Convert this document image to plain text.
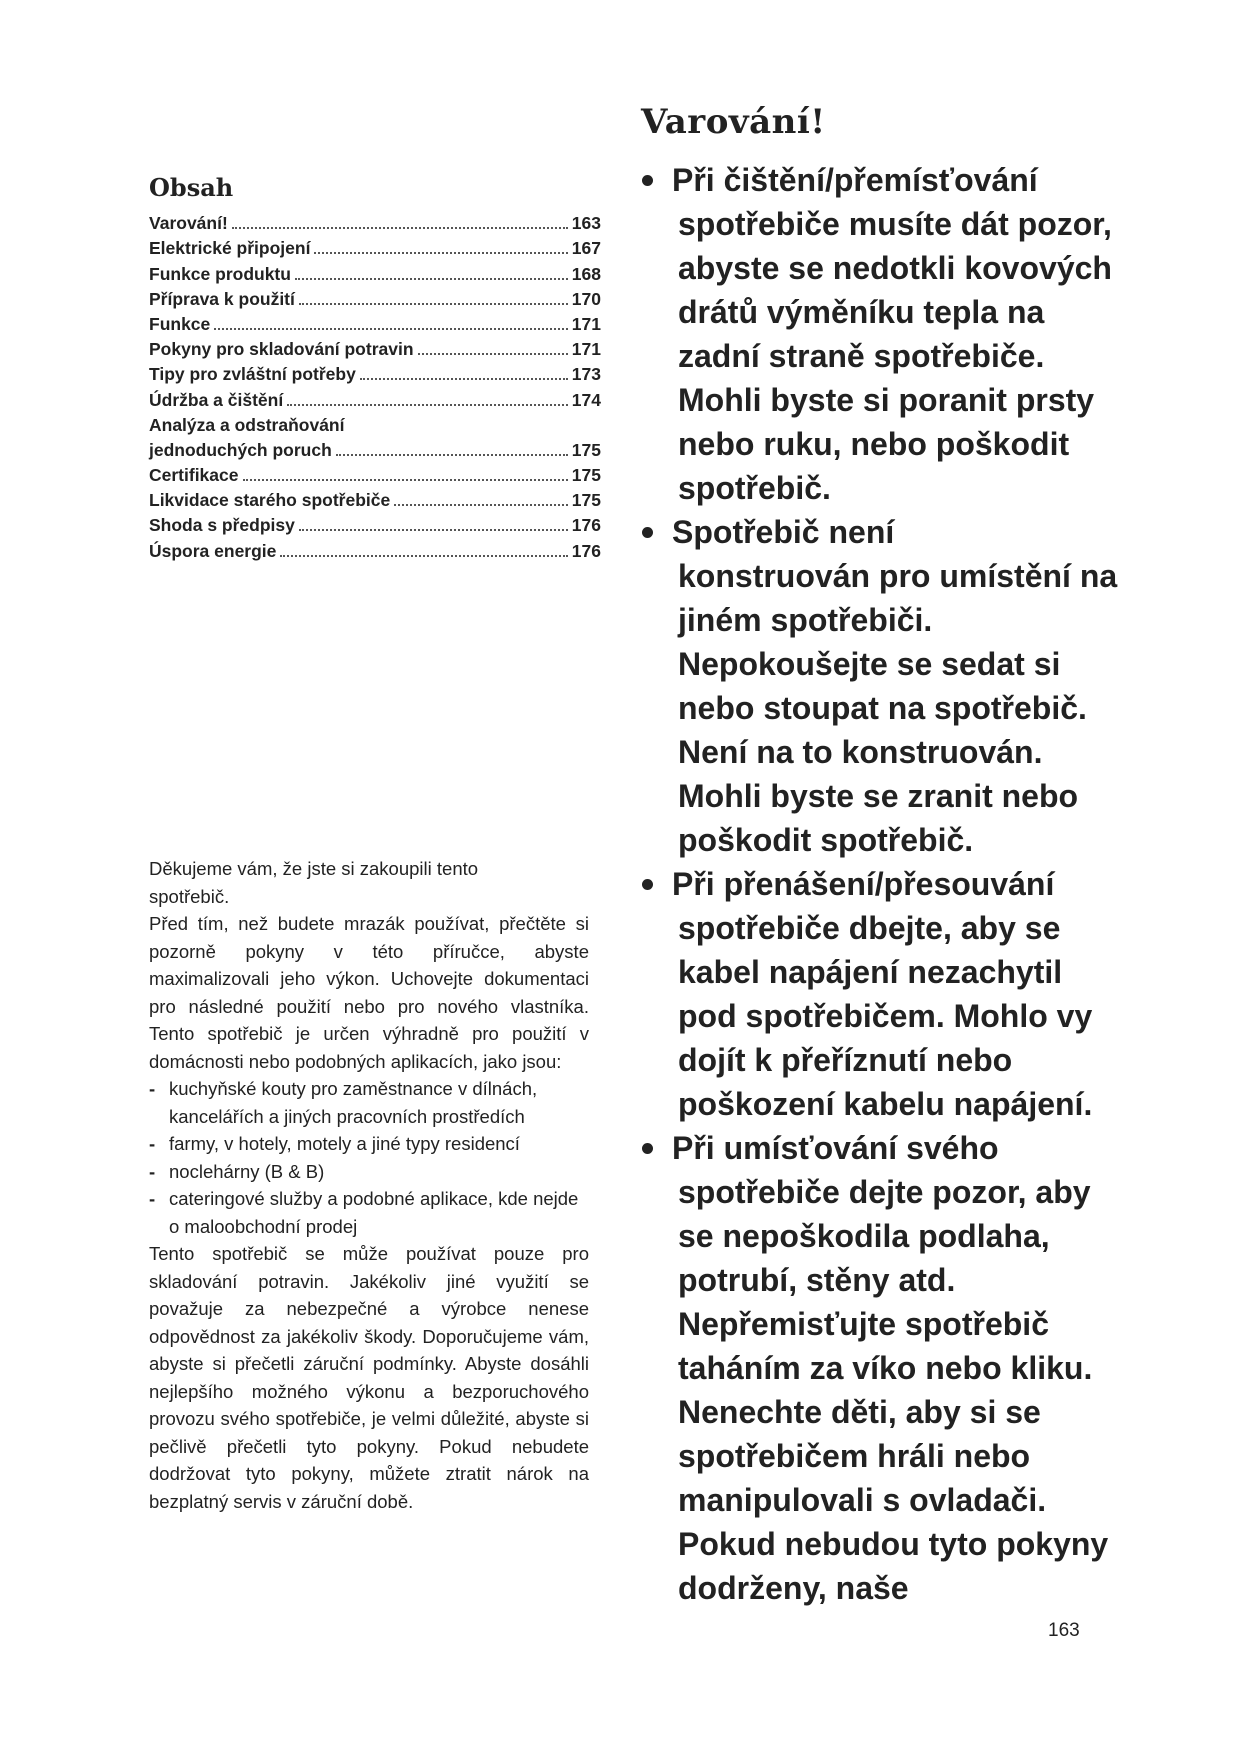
Obsah
Varování!	163
Elektrické připojení	167
Funkce produktu	168
Příprava k použití	170
Funkce	171
Pokyny pro skladování potravin	171
Tipy pro zvláštní potřeby	173
Údržba a čištění	174
Analýza a odstraňování
jednoduchých poruch	175
Certifikace	175
Likvidace starého spotřebiče	175
Shoda s předpisy	176
Úspora energie	176

Děkujeme vám, že jste si zakoupili tento spotřebič.

Před tím, než budete mrazák používat, přečtěte si pozorně pokyny v této příručce, abyste maximalizovali jeho výkon. Uchovejte dokumentaci pro následné použití nebo pro nového vlastníka. Tento spotřebič je určen výhradně pro použití v domácnosti nebo podobných aplikacích, jako jsou:

- kuchyňské kouty pro zaměstnance v dílnách, kancelářích a jiných pracovních prostředích
- farmy, v hotely, motely a jiné typy residencí
- noclehárny (B & B)
- cateringové služby a podobné aplikace, kde nejde o maloobchodní prodej

Tento spotřebič se může používat pouze pro skladování potravin. Jakékoliv jiné využití se považuje za nebezpečné a výrobce nenese odpovědnost za jakékoliv škody. Doporučujeme vám, abyste si přečetli záruční podmínky. Abyste dosáhli nejlepšího možného výkonu a bezporuchového provozu svého spotřebiče, je velmi důležité, abyste si pečlivě přečetli tyto pokyny. Pokud nebudete dodržovat tyto pokyny, můžete ztratit nárok na bezplatný servis v záruční době.

Varování!
Při čištění/přemísťování
spotřebiče musíte dát pozor, abyste se nedotkli kovových drátů výměníku tepla na zadní straně spotřebiče. Mohli byste si poranit prsty nebo ruku, nebo poškodit spotřebič.
Spotřebič není
konstruován pro umístění na jiném spotřebiči. Nepokoušejte se sedat si nebo stoupat na spotřebič. Není na to konstruován. Mohli byste se zranit nebo poškodit spotřebič.
Při přenášení/přesouvání
spotřebiče dbejte, aby se kabel napájení nezachytil pod spotřebičem. Mohlo vy dojít k přeříznutí nebo poškození kabelu napájení.
Při umísťování svého
spotřebiče dejte pozor, aby se nepoškodila podlaha, potrubí, stěny atd. Nepřemisťujte spotřebič taháním za víko nebo kliku. Nenechte děti, aby si se spotřebičem hráli nebo manipulovali s ovladači. Pokud nebudou tyto pokyny dodrženy, naše
163
